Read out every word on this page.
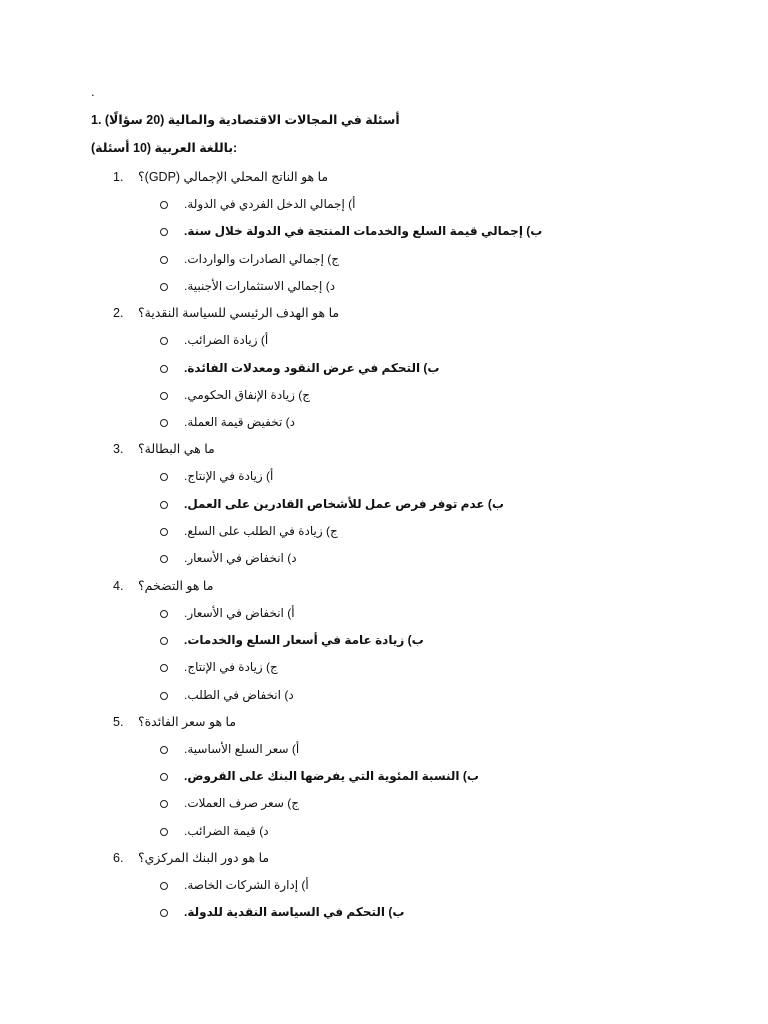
.
أسئلة في المجالات الاقتصادية والمالية (20 سؤالًا) .1
باللغة العربية (10 أسئلة):
1. ما هو الناتج المحلي الإجمالي (GDP)؟
أ) إجمالي الدخل الفردي في الدولة.
ب) إجمالي قيمة السلع والخدمات المنتجة في الدولة خلال سنة.
ج) إجمالي الصادرات والواردات.
د) إجمالي الاستثمارات الأجنبية.
2. ما هو الهدف الرئيسي للسياسة النقدية؟
أ) زيادة الضرائب.
ب) التحكم في عرض النقود ومعدلات الفائدة.
ج) زيادة الإنفاق الحكومي.
د) تخفيض قيمة العملة.
3. ما هي البطالة؟
أ) زيادة في الإنتاج.
ب) عدم توفر فرص عمل للأشخاص القادرين على العمل.
ج) زيادة في الطلب على السلع.
د) انخفاض في الأسعار.
4. ما هو التضخم؟
أ) انخفاض في الأسعار.
ب) زيادة عامة في أسعار السلع والخدمات.
ج) زيادة في الإنتاج.
د) انخفاض في الطلب.
5. ما هو سعر الفائدة؟
أ) سعر السلع الأساسية.
ب) النسبة المئوية التي يفرضها البنك على القروض.
ج) سعر صرف العملات.
د) قيمة الضرائب.
6. ما هو دور البنك المركزي؟
أ) إدارة الشركات الخاصة.
ب) التحكم في السياسة النقدية للدولة.
